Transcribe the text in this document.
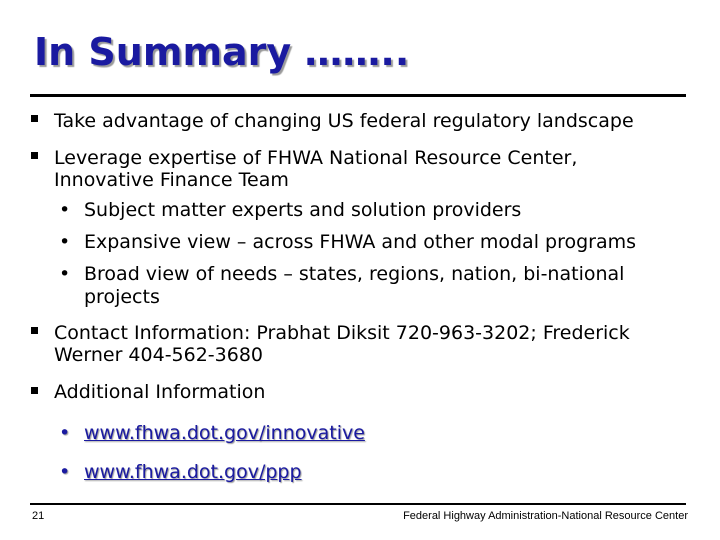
In Summary ……..
Take advantage of changing US federal regulatory landscape
Leverage expertise of FHWA National Resource Center,
Innovative Finance Team
• Subject matter experts and solution providers
• Expansive view – across FHWA and other modal programs
• Broad view of needs – states, regions, nation, bi-national
projects
Contact Information: Prabhat Diksit 720-963-3202; Frederick
Werner 404-562-3680
Additional Information
• www.fhwa.dot.gov/innovative
• www.fhwa.dot.gov/ppp
21	Federal Highway Administration-National Resource Center
